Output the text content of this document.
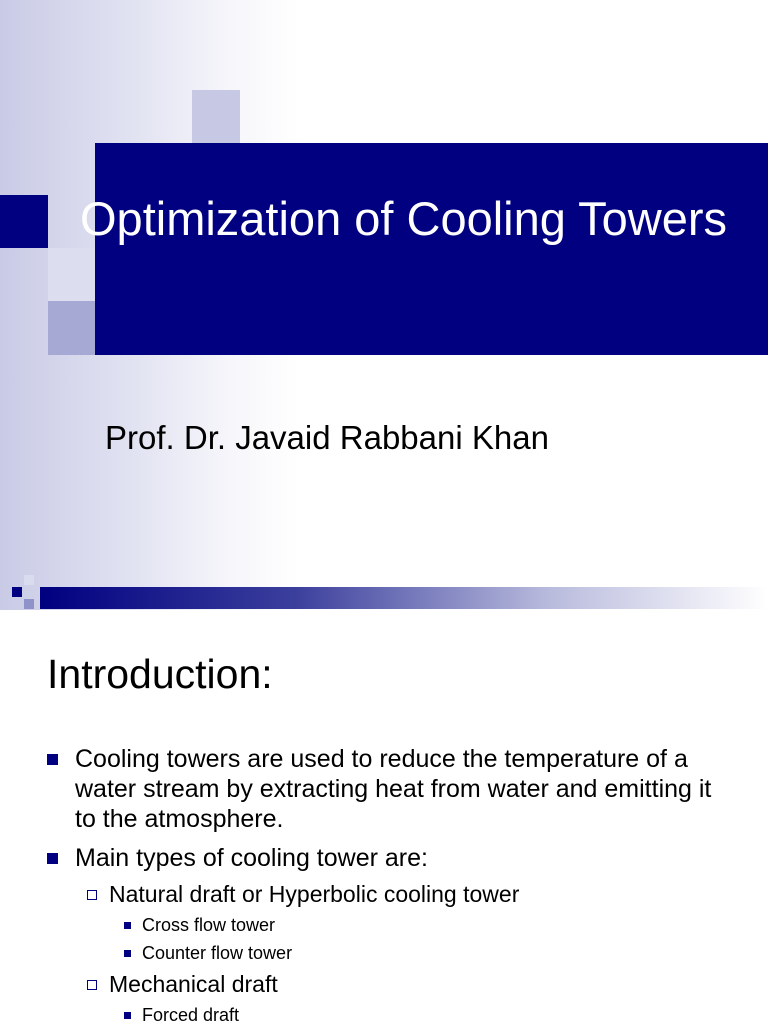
Optimization of Cooling Towers

Prof. Dr. Javaid Rabbani Khan

Introduction:
Cooling towers are used to reduce the temperature of a water stream by extracting heat from water and emitting it to the atmosphere.
Main types of cooling tower are:
Natural draft or Hyperbolic cooling tower
Cross flow tower
Counter flow tower
Mechanical draft
Forced draft
